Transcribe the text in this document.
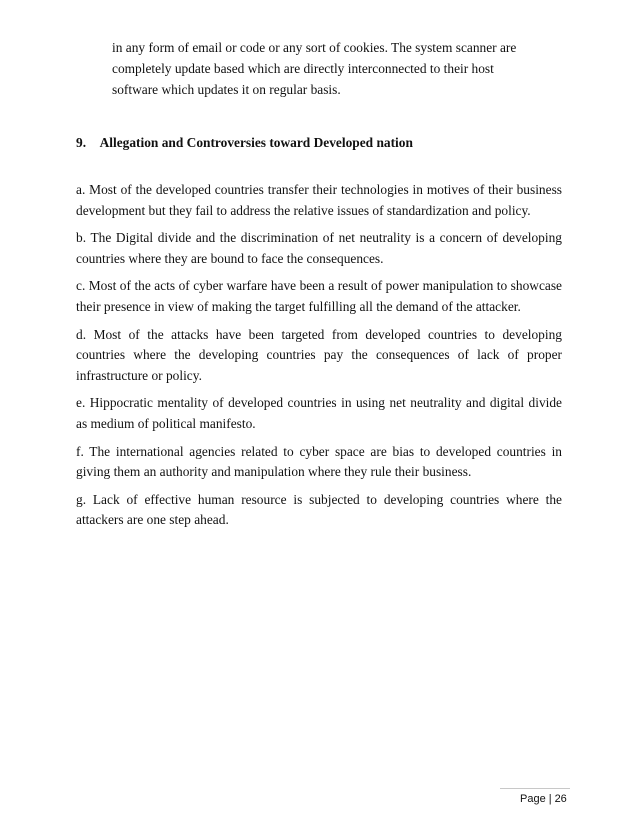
in any form of email or code or any sort of cookies. The system scanner are completely update based which are directly interconnected to their host software which updates it on regular basis.

9. Allegation and Controversies toward Developed nation

a. Most of the developed countries transfer their technologies in motives of their business development but they fail to address the relative issues of standardization and policy.

b. The Digital divide and the discrimination of net neutrality is a concern of developing countries where they are bound to face the consequences.

c. Most of the acts of cyber warfare have been a result of power manipulation to showcase their presence in view of making the target fulfilling all the demand of the attacker.

d. Most of the attacks have been targeted from developed countries to developing countries where the developing countries pay the consequences of lack of proper infrastructure or policy.

e. Hippocratic mentality of developed countries in using net neutrality and digital divide as medium of political manifesto.

f. The international agencies related to cyber space are bias to developed countries in giving them an authority and manipulation where they rule their business.

g. Lack of effective human resource is subjected to developing countries where the attackers are one step ahead.

Page | 26
